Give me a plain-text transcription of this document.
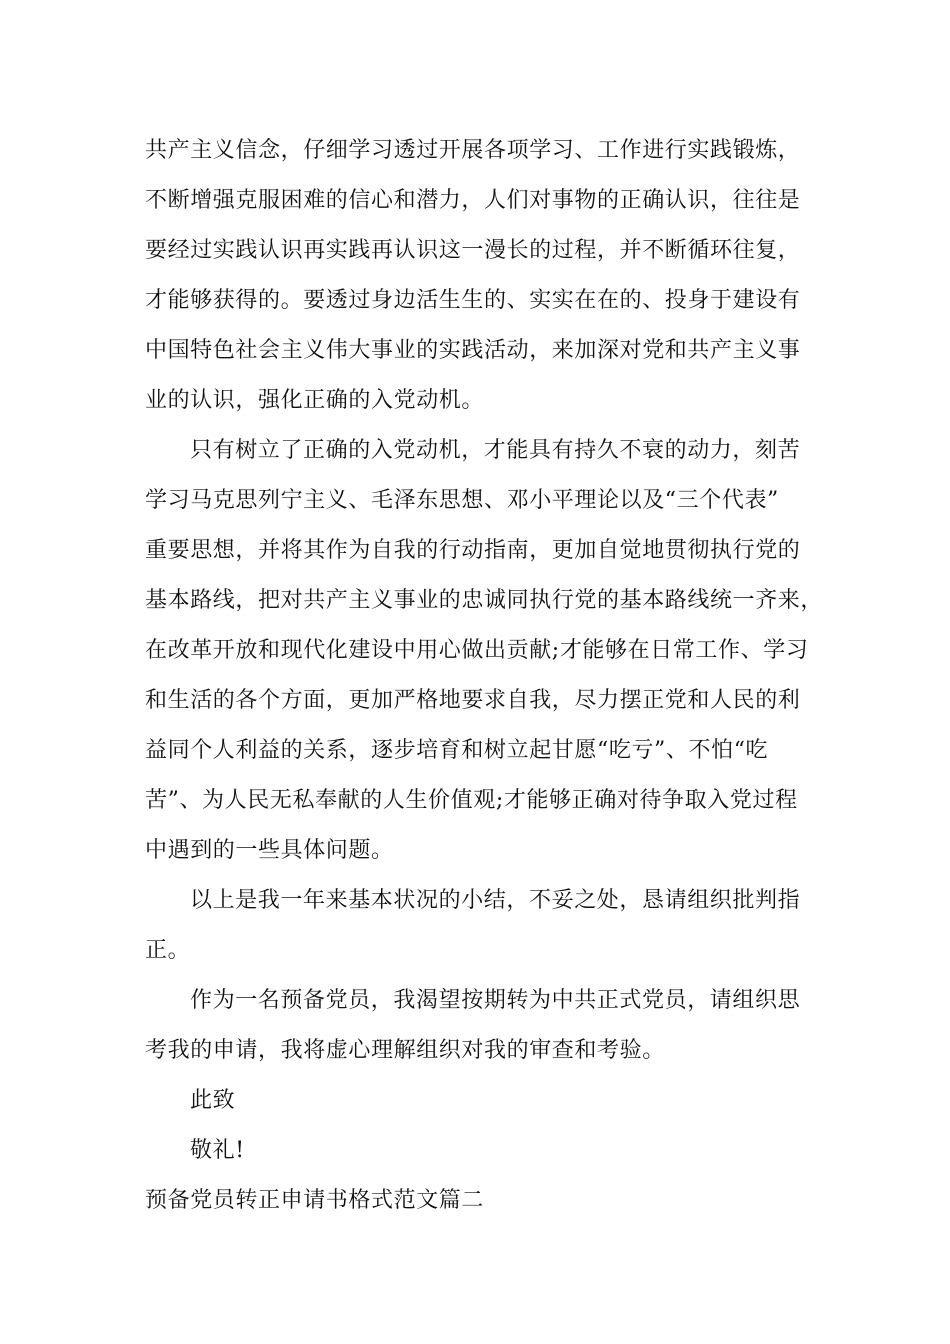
共产主义信念，仔细学习透过开展各项学习、工作进行实践锻炼，
不断增强克服困难的信心和潜力，人们对事物的正确认识，往往是
要经过实践认识再实践再认识这一漫长的过程，并不断循环往复，
才能够获得的。要透过身边活生生的、实实在在的、投身于建设有
中国特色社会主义伟大事业的实践活动，来加深对党和共产主义事
业的认识，强化正确的入党动机。
只有树立了正确的入党动机，才能具有持久不衰的动力，刻苦
学习马克思列宁主义、毛泽东思想、邓小平理论以及“三个代表”
重要思想，并将其作为自我的行动指南，更加自觉地贯彻执行党的
基本路线，把对共产主义事业的忠诚同执行党的基本路线统一齐来，
在改革开放和现代化建设中用心做出贡献;才能够在日常工作、学习
和生活的各个方面，更加严格地要求自我，尽力摆正党和人民的利
益同个人利益的关系，逐步培育和树立起甘愿“吃亏”、不怕“吃
苦”、为人民无私奉献的人生价值观;才能够正确对待争取入党过程
中遇到的一些具体问题。
以上是我一年来基本状况的小结，不妥之处，恳请组织批判指
正。
作为一名预备党员，我渴望按期转为中共正式党员，请组织思
考我的申请，我将虚心理解组织对我的审查和考验。
此致
敬礼!
预备党员转正申请书格式范文篇二
